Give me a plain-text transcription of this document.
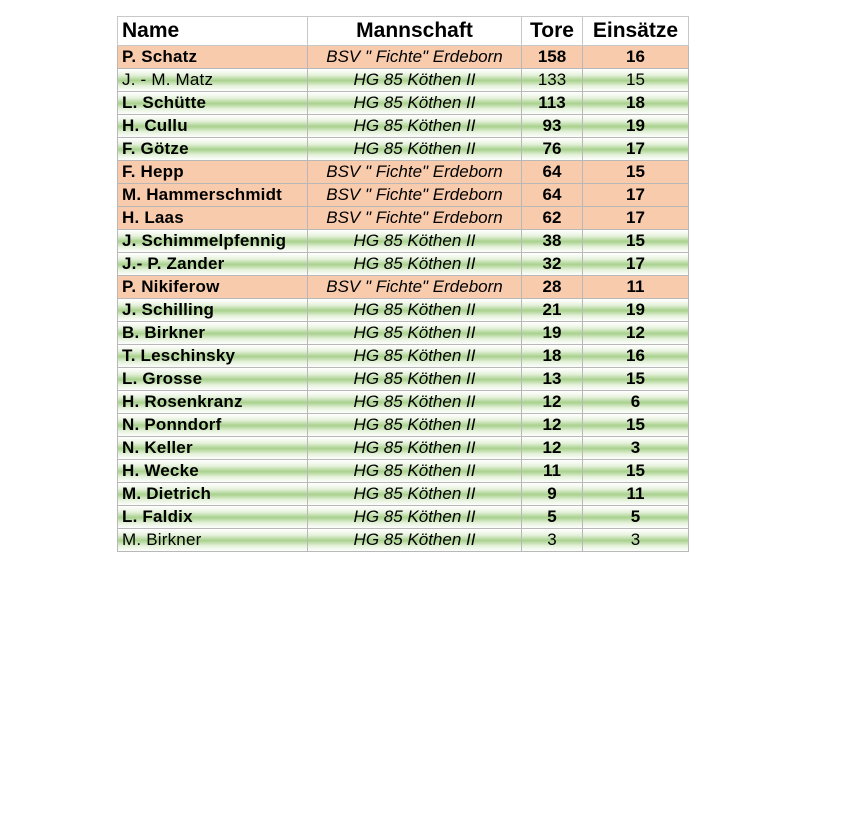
Name	Mannschaft	Tore	Einsätze
P. Schatz	BSV " Fichte" Erdeborn	158	16
J. - M. Matz	HG 85 Köthen II	133	15
L. Schütte	HG 85 Köthen II	113	18
H. Cullu	HG 85 Köthen II	93	19
F. Götze	HG 85 Köthen II	76	17
F. Hepp	BSV " Fichte" Erdeborn	64	15
M. Hammerschmidt	BSV " Fichte" Erdeborn	64	17
H. Laas	BSV " Fichte" Erdeborn	62	17
J. Schimmelpfennig	HG 85 Köthen II	38	15
J.- P. Zander	HG 85 Köthen II	32	17
P. Nikiferow	BSV " Fichte" Erdeborn	28	11
J. Schilling	HG 85 Köthen II	21	19
B. Birkner	HG 85 Köthen II	19	12
T. Leschinsky	HG 85 Köthen II	18	16
L. Grosse	HG 85 Köthen II	13	15
H. Rosenkranz	HG 85 Köthen II	12	6
N. Ponndorf	HG 85 Köthen II	12	15
N. Keller	HG 85 Köthen II	12	3
H. Wecke	HG 85 Köthen II	11	15
M. Dietrich	HG 85 Köthen II	9	11
L. Faldix	HG 85 Köthen II	5	5
M. Birkner	HG 85 Köthen II	3	3
